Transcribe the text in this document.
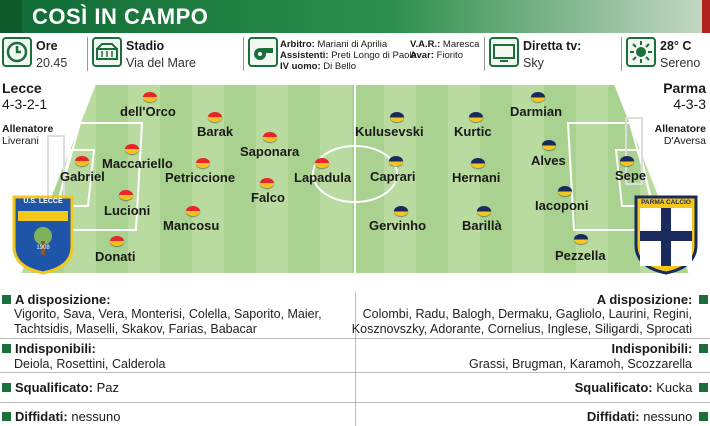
COSÌ IN CAMPO
Ore
20.45
Stadio
Via del Mare
Arbitro: Mariani di Aprilia
Assistenti: Preti Longo di Paola
IV uomo: Di Bello
V.A.R.: Maresca
Avar: Fiorito
Diretta tv:
Sky
28° C
Sereno
U.S. LECCE
1908
PARMA CALCIO
Lecce
4-3-2-1
Allenatore
Liverani
Parma
4-3-3
Allenatore
D'Aversa
dell'Orco
Barak
Saponara
Maccariello
Petriccione
Gabriel	Lapadula
Falco
Lucioni
Mancosu
Donati
Darmian
Kulusevski Kurtic
Alves
Sepe
Caprari	Hernani
Iacoponi
Gervinho	Barillà
Pezzella
A disposizione:
Vigorito, Sava, Vera, Monterisi, Colella, Saporito, Maier,
Tachtsidis, Maselli, Skakov, Farias, Babacar
A disposizione:
Colombi, Radu, Balogh, Dermaku, Gagliolo, Laurini, Regini,
Kosznovszky, Adorante, Cornelius, Inglese, Siligardi, Sprocati
Indisponibili:
Deiola, Rosettini, Calderola
Indisponibili:
Grassi, Brugman, Karamoh, Scozzarella
Squalificato: Paz	Squalificato: Kucka
Diffidati: nessuno	Diffidati: nessuno
